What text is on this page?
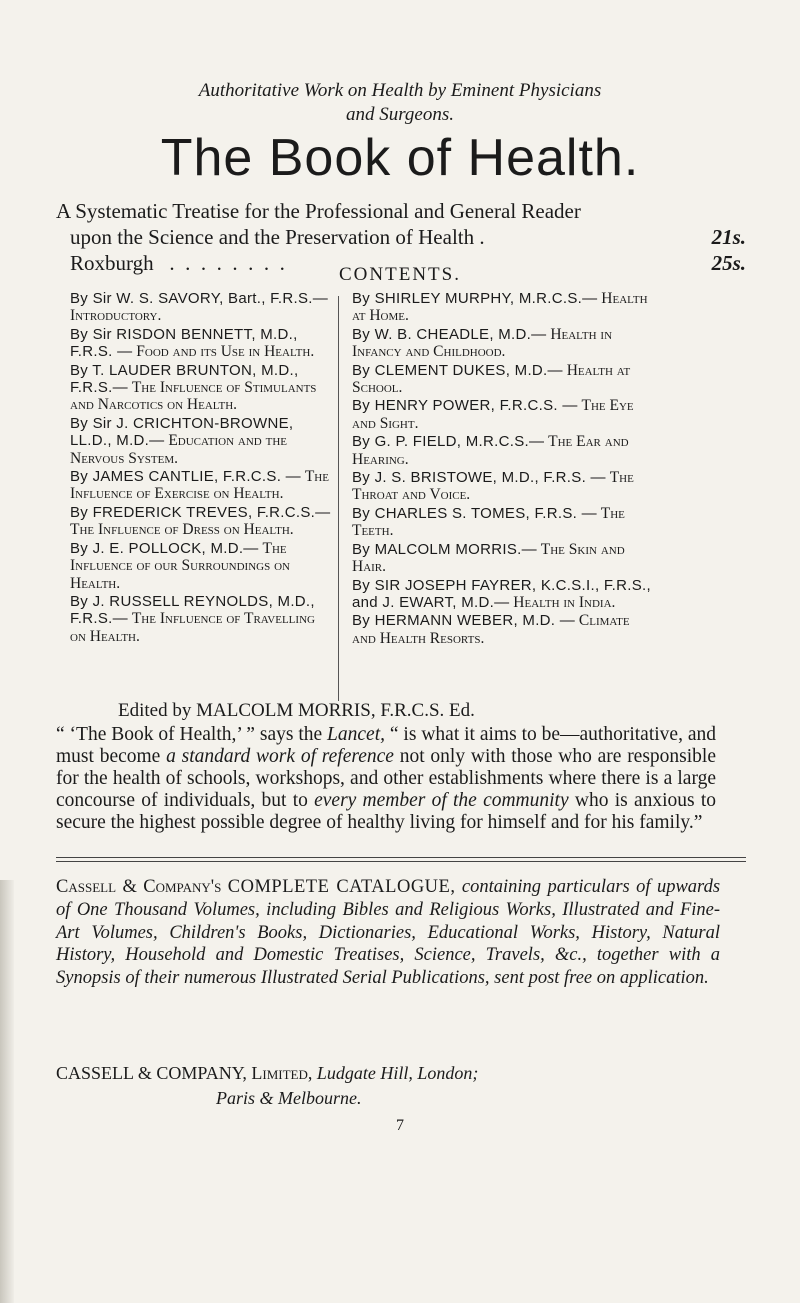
Authoritative Work on Health by Eminent Physicians
and Surgeons.
The Book of Health.
A Systematic Treatise for the Professional and General Reader
upon the Science and the Preservation of Health .	21s.
Roxburgh   .  .  .  .  .  .  .  .	25s.
CONTENTS.
By Sir W. S. SAVORY, Bart., F.R.S.— Introductory.
By Sir RISDON BENNETT, M.D., F.R.S. — Food and its Use in Health.
By T. LAUDER BRUNTON, M.D., F.R.S.— The Influence of Stimulants and Narcotics on Health.
By Sir J. CRICHTON-BROWNE, LL.D., M.D.— Education and the Nervous System.
By JAMES CANTLIE, F.R.C.S. — The Influence of Exercise on Health.
By FREDERICK TREVES, F.R.C.S.— The Influence of Dress on Health.
By J. E. POLLOCK, M.D.— The Influence of our Surroundings on Health.
By J. RUSSELL REYNOLDS, M.D., F.R.S.— The Influence of Travelling on Health.
By SHIRLEY MURPHY, M.R.C.S.— Health at Home.
By W. B. CHEADLE, M.D.— Health in Infancy and Childhood.
By CLEMENT DUKES, M.D.— Health at School.
By HENRY POWER, F.R.C.S. — The Eye and Sight.
By G. P. FIELD, M.R.C.S.— The Ear and Hearing.
By J. S. BRISTOWE, M.D., F.R.S. — The Throat and Voice.
By CHARLES S. TOMES, F.R.S. — The Teeth.
By MALCOLM MORRIS.— The Skin and Hair.
By SIR JOSEPH FAYRER, K.C.S.I., F.R.S., and J. EWART, M.D.— Health in India.
By HERMANN WEBER, M.D. — Climate and Health Resorts.
Edited by MALCOLM MORRIS, F.R.C.S. Ed.
“ ‘The Book of Health,’ ” says the Lancet, “ is what it aims to be—authoritative, and must become a standard work of reference not only with those who are responsible for the health of schools, workshops, and other establishments where there is a large concourse of individuals, but to every member of the community who is anxious to secure the highest possible degree of healthy living for himself and for his family.”
Cassell & Company's COMPLETE CATALOGUE, containing particulars of upwards of One Thousand Volumes, including Bibles and Religious Works, Illustrated and Fine-Art Volumes, Children's Books, Dictionaries, Educational Works, History, Natural History, Household and Domestic Treatises, Science, Travels, &c., together with a Synopsis of their numerous Illustrated Serial Publications, sent post free on application.
CASSELL & COMPANY, Limited, Ludgate Hill, London;
Paris & Melbourne.
7
